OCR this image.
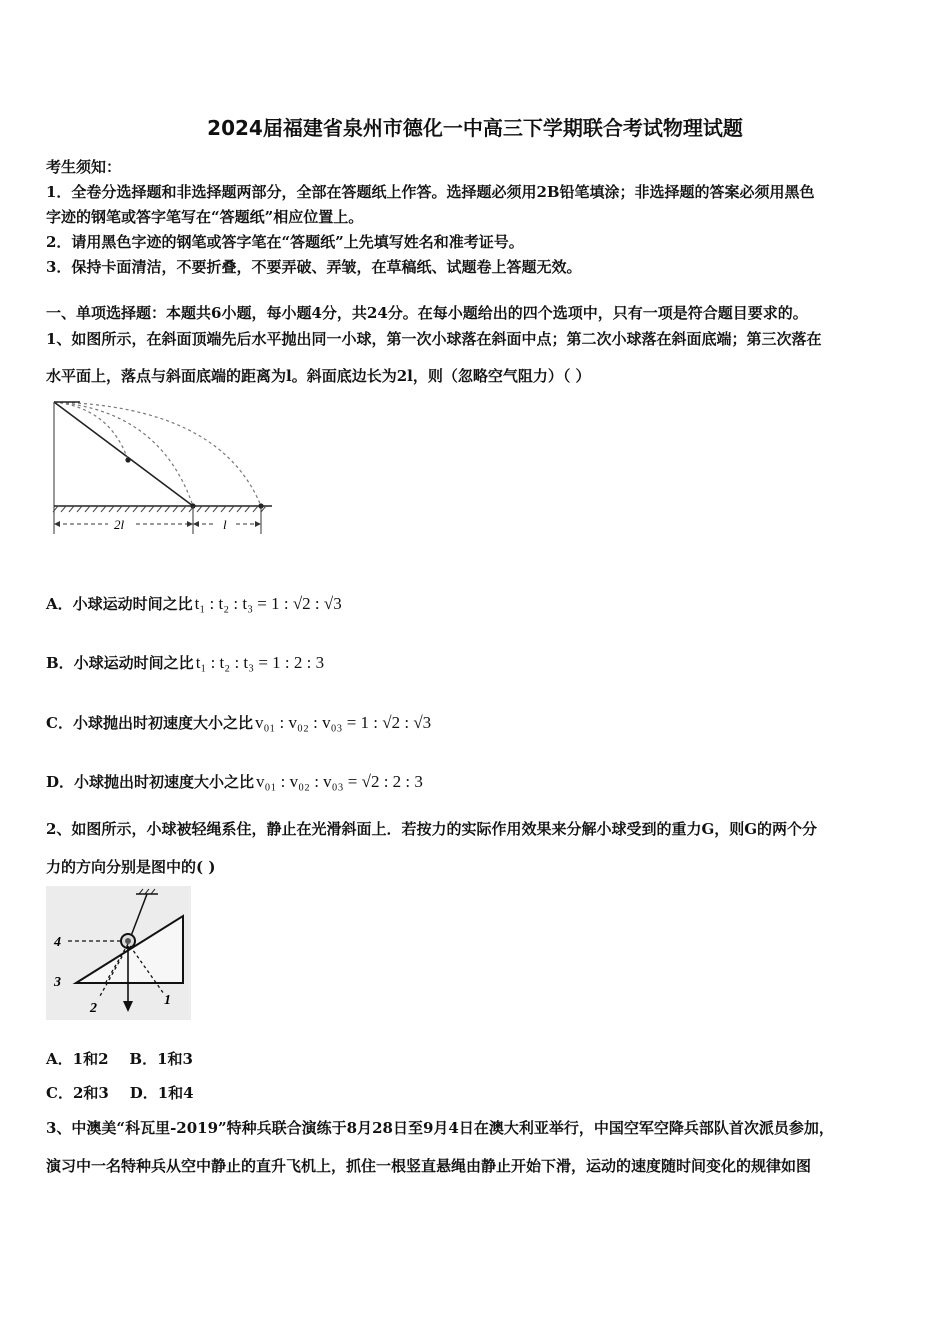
2024届福建省泉州市德化一中高三下学期联合考试物理试题
考生须知：
1．全卷分选择题和非选择题两部分，全部在答题纸上作答。选择题必须用2B铅笔填涂；非选择题的答案必须用黑色
字迹的钢笔或答字笔写在“答题纸”相应位置上。
2．请用黑色字迹的钢笔或答字笔在“答题纸”上先填写姓名和准考证号。
3．保持卡面清洁，不要折叠，不要弄破、弄皱，在草稿纸、试题卷上答题无效。
一、单项选择题：本题共6小题，每小题4分，共24分。在每小题给出的四个选项中，只有一项是符合题目要求的。
1、如图所示，在斜面顶端先后水平抛出同一小球，第一次小球落在斜面中点；第二次小球落在斜面底端；第三次落在
水平面上，落点与斜面底端的距离为l。斜面底边长为2l，则（忽略空气阻力）（ ）
2l	l
A．小球运动时间之比 t₁ : t₂ : t₃ = 1 : √2 : √3
B．小球运动时间之比 t₁ : t₂ : t₃ = 1 : 2 : 3
C．小球抛出时初速度大小之比 v₀₁ : v₀₂ : v₀₃ = 1 : √2 : √3
D．小球抛出时初速度大小之比 v₀₁ : v₀₂ : v₀₃ = √2 : 2 : 3
2、如图所示，小球被轻绳系住，静止在光滑斜面上．若按力的实际作用效果来分解小球受到的重力G，则G的两个分
力的方向分别是图中的( )
4
3
2
1
A．1和2    B．1和3
C．2和3    D．1和4
3、中澳美“科瓦里-2019”特种兵联合演练于8月28日至9月4日在澳大利亚举行，中国空军空降兵部队首次派员参加，
演习中一名特种兵从空中静止的直升飞机上，抓住一根竖直悬绳由静止开始下滑，运动的速度随时间变化的规律如图
